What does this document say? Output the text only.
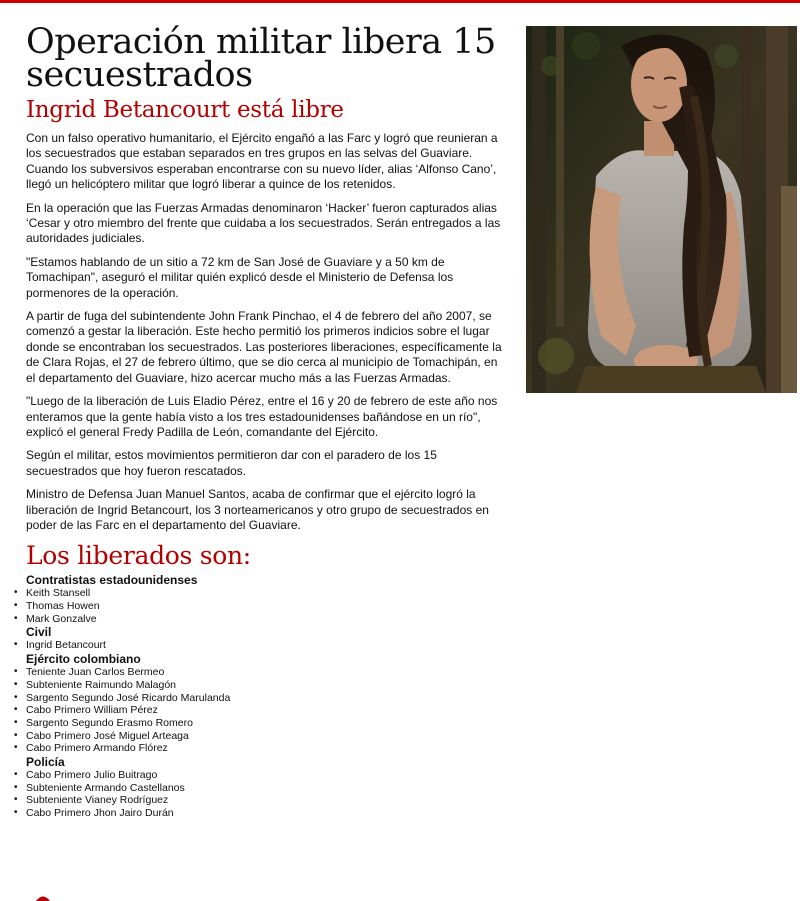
Operación militar libera 15 secuestrados
Ingrid Betancourt está libre

Con un falso operativo humanitario, el Ejército engañó a las Farc y logró que reunieran a los secuestrados que estaban separados en tres grupos en las selvas del Guaviare. Cuando los subversivos esperaban encontrarse con su nuevo líder, alias ‘Alfonso Cano’, llegó un helicóptero militar que logró liberar a quince de los retenidos.

En la operación que las Fuerzas Armadas denominaron ‘Hacker’ fueron capturados alias ‘Cesar y otro miembro del frente que cuidaba a los secuestrados. Serán entregados a las autoridades judiciales.

"Estamos hablando de un sitio a 72 km de San José de Guaviare y a 50 km de Tomachipan", aseguró el militar quién explicó desde el Ministerio de Defensa los pormenores de la operación.

A partir de fuga del subintendente John Frank Pinchao, el 4 de febrero del año 2007, se comenzó a gestar la liberación. Este hecho permitió los primeros indicios sobre el lugar donde se encontraban los secuestrados. Las posteriores liberaciones, específicamente la de Clara Rojas, el 27 de febrero último, que se dio cerca al municipio de Tomachipán, en el departamento del Guaviare, hizo acercar mucho más a las Fuerzas Armadas.

"Luego de la liberación de Luis Eladio Pérez, entre el 16 y 20 de febrero de este año nos enteramos que la gente había visto a los tres estadounidenses bañándose en un río", explicó el general Fredy Padilla de León, comandante del Ejército.

Según el militar, estos movimientos permitieron dar con el paradero de los 15 secuestrados que hoy fueron rescatados.

Ministro de Defensa Juan Manuel Santos, acaba de confirmar que el ejército logró la liberación de Ingrid Betancourt, los 3 norteamericanos y otro grupo de secuestrados en poder de las Farc en el departamento del Guaviare.

Los liberados son:
Contratistas estadounidenses
• Keith Stansell
• Thomas Howen
• Mark Gonzalve
Civil
• Ingrid Betancourt
Ejército colombiano
• Teniente Juan Carlos Bermeo
• Subteniente Raimundo Malagón
• Sargento Segundo José Ricardo Marulanda
• Cabo Primero William Pérez
• Sargento Segundo Erasmo Romero
• Cabo Primero José Miguel Arteaga
• Cabo Primero Armando Flórez
Policía
• Cabo Primero Julio Buitrago
• Subteniente Armando Castellanos
• Subteniente Vianey Rodríguez
• Cabo Primero Jhon Jairo Durán
